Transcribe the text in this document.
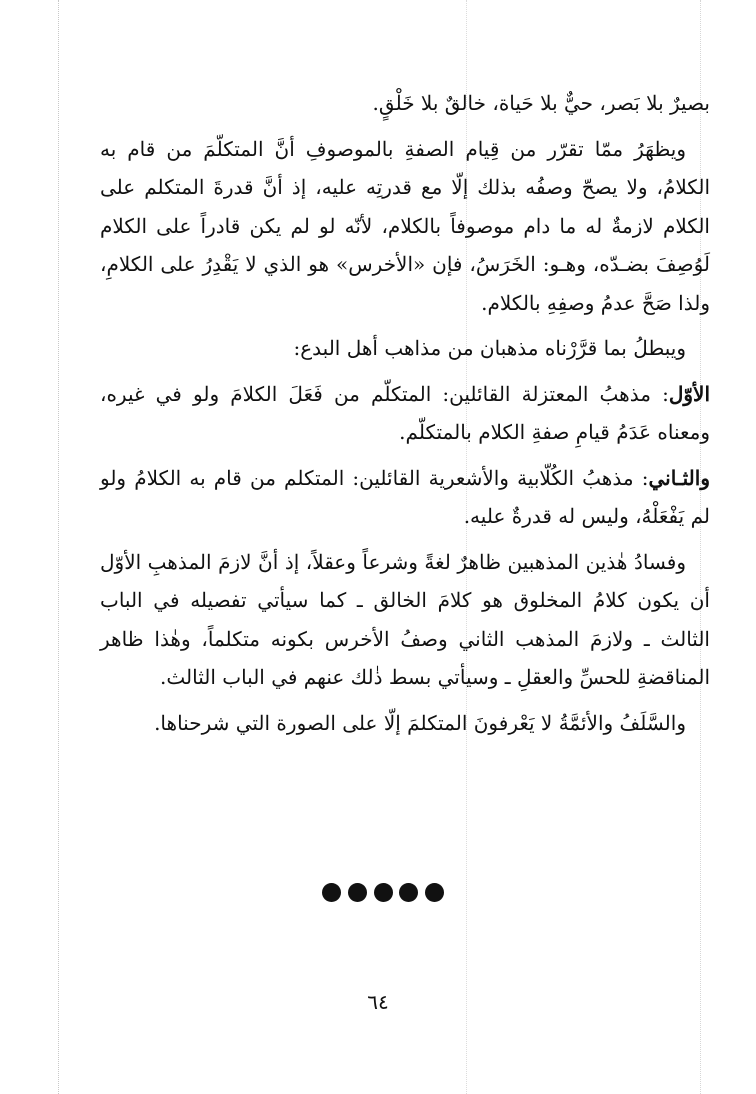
بصيرٌ بلا بَصر، حيٌّ بلا حَياة، خالقٌ بلا خَلْقٍ.

ويظهَرُ ممّا تقرّر من قِيام الصفةِ بالموصوفِ أنَّ المتكلّمَ من قام به الكلامُ، ولا يصحّ وصفُه بذلك إلّا مع قدرتِه عليه، إذ أنَّ قدرةَ المتكلم على الكلام لازمةٌ له ما دام موصوفاً بالكلام، لأنّه لو لم يكن قادراً على الكلام لَوُصِفَ بضـدّه، وهـو: الخَرَسُ، فإن «الأخرس» هو الذي لا يَقْدِرُ على الكلامِ، ولذا صَحَّ عدمُ وصفِهِ بالكلام.

ويبطلُ بما قرَّرْناه مذهبان من مذاهب أهل البدع:

الأوّل: مذهبُ المعتزلة القائلين: المتكلّم من فَعَلَ الكلامَ ولو في غيره، ومعناه عَدَمُ قيامِ صفةِ الكلام بالمتكلّم.

والثـاني: مذهبُ الكُلّابية والأشعرية القائلين: المتكلم من قام به الكلامُ ولو لم يَفْعَلْهُ، وليس له قدرةٌ عليه.

وفسادُ هٰذين المذهبين ظاهرٌ لغةً وشرعاً وعقلاً، إذ أنَّ لازمَ المذهبِ الأوّل أن يكون كلامُ المخلوق هو كلامَ الخالق ـ كما سيأتي تفصيله في الباب الثالث ـ ولازمَ المذهب الثاني وصفُ الأخرس بكونه متكلماً، وهٰذا ظاهر المناقضةِ للحسِّ والعقلِ ـ وسيأتي بسط ذٰلك عنهم في الباب الثالث.

والسَّلَفُ والأئمَّةُ لا يَعْرفونَ المتكلمَ إلّا على الصورة التي شرحناها.

٦٤
